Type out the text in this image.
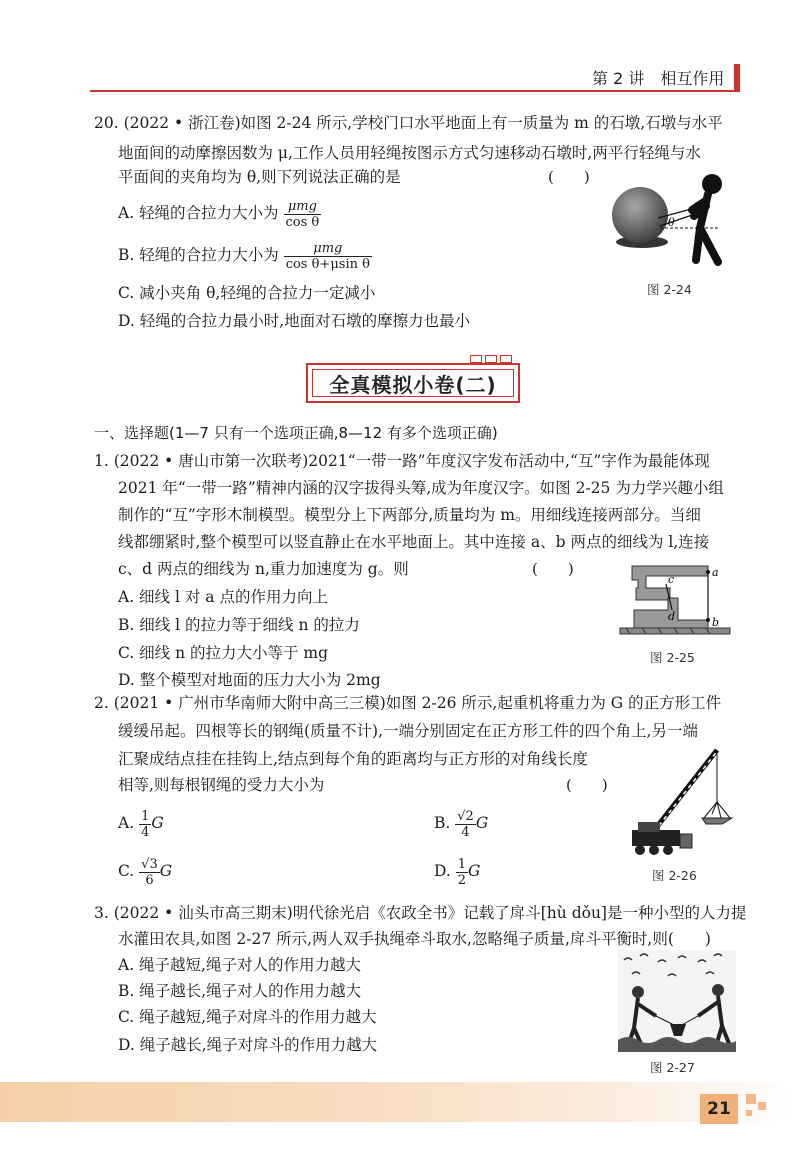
第 2 讲　相互作用
20. (2022 • 浙江卷)如图 2-24 所示,学校门口水平地面上有一质量为 m 的石墩,石墩与水平
地面间的动摩擦因数为 μ,工作人员用轻绳按图示方式匀速移动石墩时,两平行轻绳与水
平面间的夹角均为 θ,则下列说法正确的是	(　　)
A. 轻绳的合拉力大小为 $\frac{\text{μmg}}{\text{cos θ}}$
B. 轻绳的合拉力大小为 $\frac{\text{μmg}}{\text{cos θ+μsin θ}}$
C. 减小夹角 θ,轻绳的合拉力一定减小
D. 轻绳的合拉力最小时,地面对石墩的摩擦力也最小
θ
图 2-24
全真模拟小卷(二)
一、选择题(1—7 只有一个选项正确,8—12 有多个选项正确)
1. (2022 • 唐山市第一次联考)2021“一带一路”年度汉字发布活动中,“互”字作为最能体现
2021 年“一带一路”精神内涵的汉字拔得头筹,成为年度汉字。如图 2-25 为力学兴趣小组
制作的“互”字形木制模型。模型分上下两部分,质量均为 m。用细线连接两部分。当细
线都绷紧时,整个模型可以竖直静止在水平地面上。其中连接 a、b 两点的细线为 l,连接
c、d 两点的细线为 n,重力加速度为 g。则	(　　)
A. 细线 l 对 a 点的作用力向上
B. 细线 l 的拉力等于细线 n 的拉力
C. 细线 n 的拉力大小等于 mg
D. 整个模型对地面的压力大小为 2mg
a
b
c
d
图 2-25
2. (2021 • 广州市华南师大附中高三三模)如图 2-26 所示,起重机将重力为 G 的正方形工件
缓缓吊起。四根等长的钢绳(质量不计),一端分别固定在正方形工件的四个角上,另一端
汇聚成结点挂在挂钩上,结点到每个角的距离均与正方形的对角线长度
相等,则每根钢绳的受力大小为	(　　)
A. $\frac{1}{4}$ G	B. $\frac{√2}{4}$ G
C. $\frac{√3}{6}$ G	D. $\frac{1}{2}$ G	图 2-26
3. (2022 • 汕头市高三期末)明代徐光启《农政全书》记载了戽斗[hù dǒu]是一种小型的人力提
水灌田农具,如图 2-27 所示,两人双手执绳牵斗取水,忽略绳子质量,戽斗平衡时,则(　　)
A. 绳子越短,绳子对人的作用力越大
B. 绳子越长,绳子对人的作用力越大
C. 绳子越短,绳子对戽斗的作用力越大
D. 绳子越长,绳子对戽斗的作用力越大
图 2-27
21
